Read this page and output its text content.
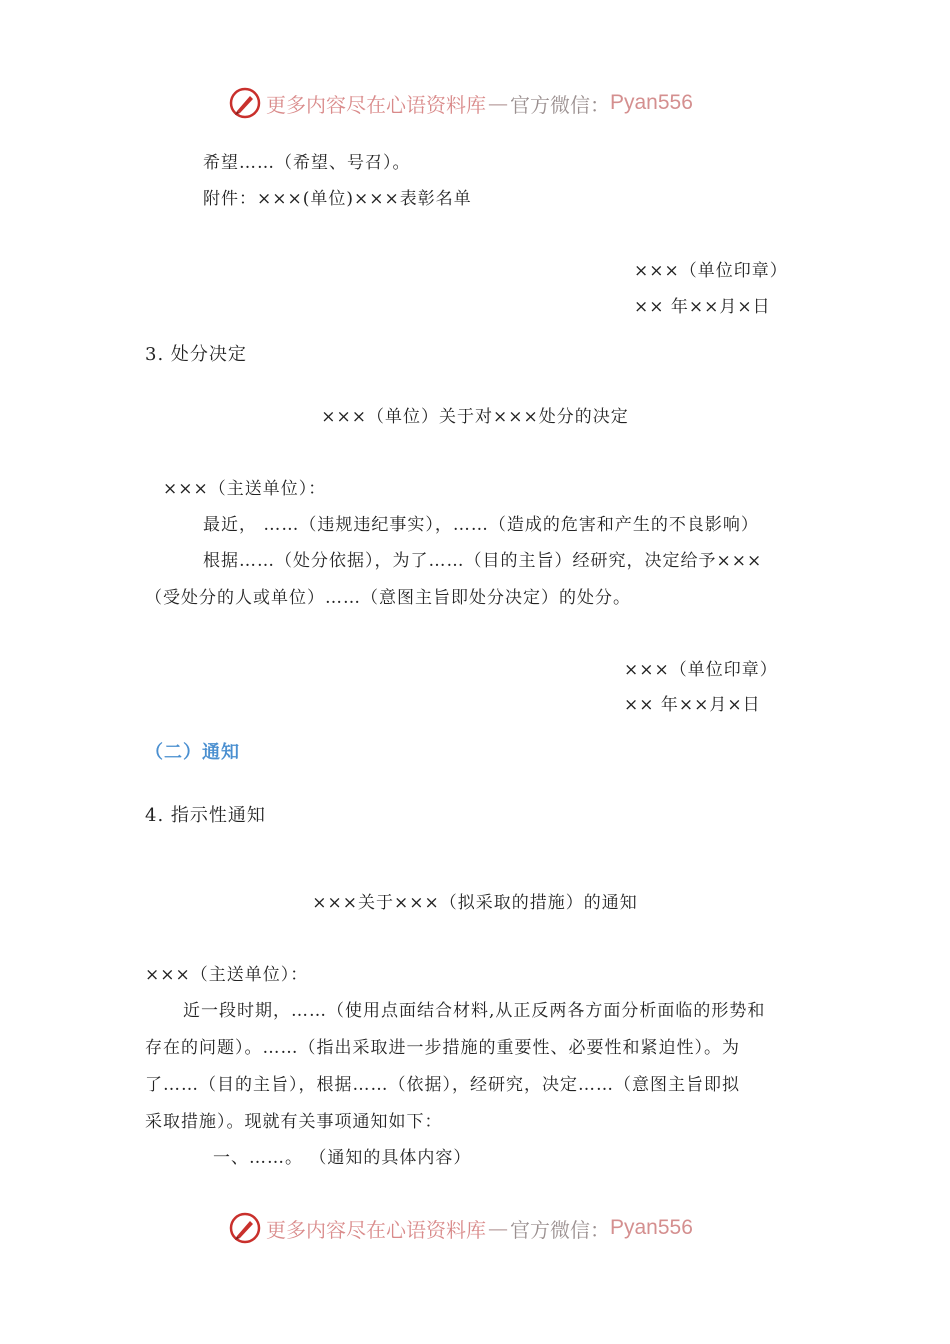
更多内容尽在心语资料库 — 官方微信： Pyan556
希望……（希望、号召）。
附件：×××(单位)×××表彰名单
×××（单位印章）
×× 年××月×日
3. 处分决定
×××（单位）关于对×××处分的决定
×××（主送单位）：
最近， ……（违规违纪事实），……（造成的危害和产生的不良影响）
根据……（处分依据），为了……（目的主旨）经研究，决定给予×××
（受处分的人或单位）……（意图主旨即处分决定）的处分。
×××（单位印章）
×× 年××月×日
（二）通知
4. 指示性通知
×××关于×××（拟采取的措施）的通知
×××（主送单位）：
近一段时期，……（使用点面结合材料,从正反两各方面分析面临的形势和
存在的问题）。……（指出采取进一步措施的重要性、必要性和紧迫性）。为
了……（目的主旨），根据……（依据），经研究，决定……（意图主旨即拟
采取措施）。现就有关事项通知如下：
一、……。 （通知的具体内容）
更多内容尽在心语资料库 — 官方微信： Pyan556
